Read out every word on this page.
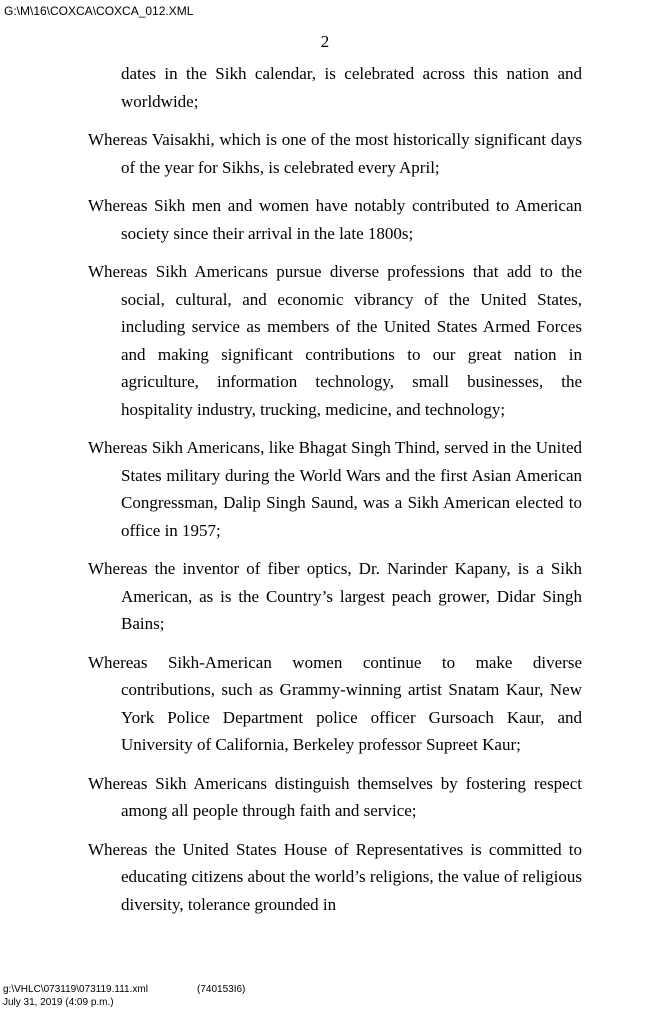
G:\M\16\COXCA\COXCA_012.XML
2

dates in the Sikh calendar, is celebrated across this nation and worldwide;

Whereas Vaisakhi, which is one of the most historically significant days of the year for Sikhs, is celebrated every April;

Whereas Sikh men and women have notably contributed to American society since their arrival in the late 1800s;

Whereas Sikh Americans pursue diverse professions that add to the social, cultural, and economic vibrancy of the United States, including service as members of the United States Armed Forces and making significant contributions to our great nation in agriculture, information technology, small businesses, the hospitality industry, trucking, medicine, and technology;

Whereas Sikh Americans, like Bhagat Singh Thind, served in the United States military during the World Wars and the first Asian American Congressman, Dalip Singh Saund, was a Sikh American elected to office in 1957;

Whereas the inventor of fiber optics, Dr. Narinder Kapany, is a Sikh American, as is the Country’s largest peach grower, Didar Singh Bains;

Whereas Sikh-American women continue to make diverse contributions, such as Grammy-winning artist Snatam Kaur, New York Police Department police officer Gursoach Kaur, and University of California, Berkeley professor Supreet Kaur;

Whereas Sikh Americans distinguish themselves by fostering respect among all people through faith and service;

Whereas the United States House of Representatives is committed to educating citizens about the world’s religions, the value of religious diversity, tolerance grounded in

g:\VHLC\073119\073119.111.xml
July 31, 2019 (4:09 p.m.)
(740153I6)
